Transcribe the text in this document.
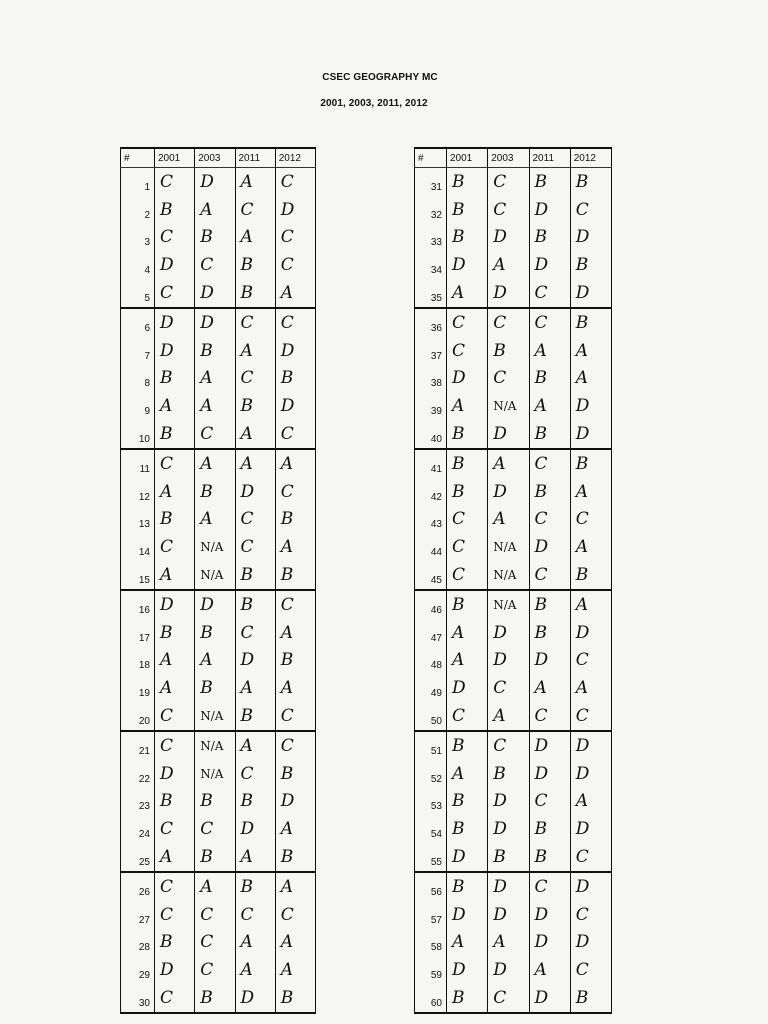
CSEC GEOGRAPHY MC
2001, 2003, 2011, 2012
#	2001	2003	2011	2012
1	C	D	A	C
2	B	A	C	D
3	C	B	A	C
4	D	C	B	C
5	C	D	B	A
6	D	D	C	C
7	D	B	A	D
8	B	A	C	B
9	A	A	B	D
10	B	C	A	C
11	C	A	A	A
12	A	B	D	C
13	B	A	C	B
14	C	N/A	C	A
15	A	N/A	B	B
16	D	D	B	C
17	B	B	C	A
18	A	A	D	B
19	A	B	A	A
20	C	N/A	B	C
21	C	N/A	A	C
22	D	N/A	C	B
23	B	B	B	D
24	C	C	D	A
25	A	B	A	B
26	C	A	B	A
27	C	C	C	C
28	B	C	A	A
29	D	C	A	A
30	C	B	D	B
#	2001	2003	2011	2012
31	B	C	B	B
32	B	C	D	C
33	B	D	B	D
34	D	A	D	B
35	A	D	C	D
36	C	C	C	B
37	C	B	A	A
38	D	C	B	A
39	A	N/A	A	D
40	B	D	B	D
41	B	A	C	B
42	B	D	B	A
43	C	A	C	C
44	C	N/A	D	A
45	C	N/A	C	B
46	B	N/A	B	A
47	A	D	B	D
48	A	D	D	C
49	D	C	A	A
50	C	A	C	C
51	B	C	D	D
52	A	B	D	D
53	B	D	C	A
54	B	D	B	D
55	D	B	B	C
56	B	D	C	D
57	D	D	D	C
58	A	A	D	D
59	D	D	A	C
60	B	C	D	B
